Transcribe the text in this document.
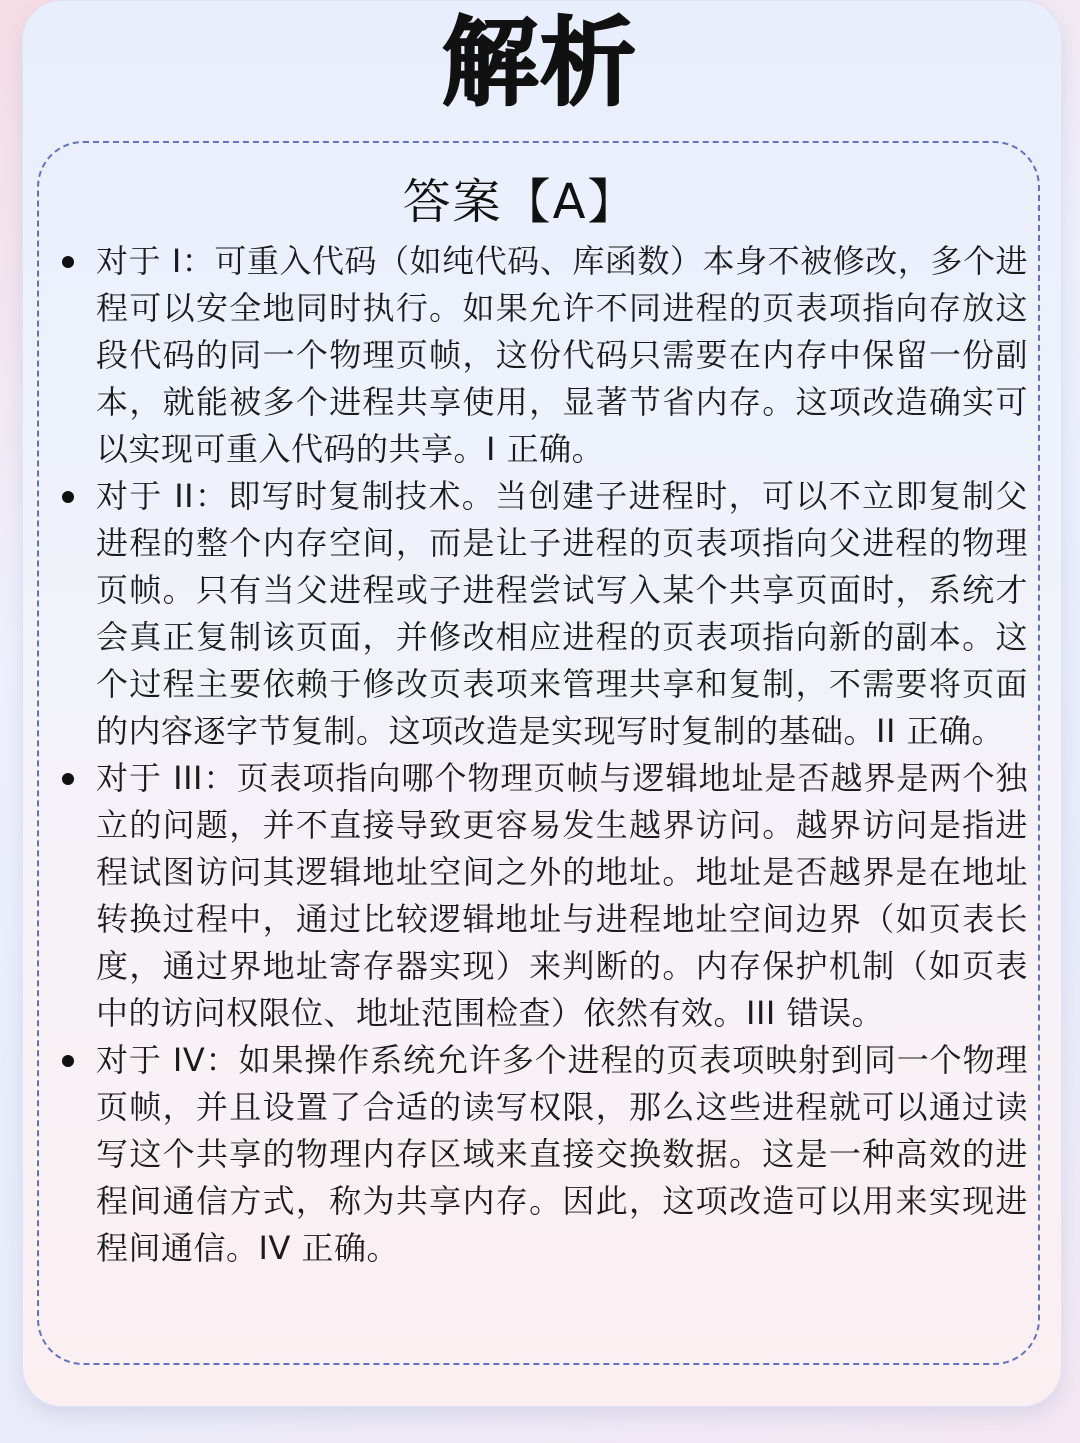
解析
答案【A】
对于 I：可重入代码（如纯代码、库函数）本身不被修改，多个进程可以安全地同时执行。如果允许不同进程的页表项指向存放这段代码的同一个物理页帧，这份代码只需要在内存中保留一份副本，就能被多个进程共享使用，显著节省内存。这项改造确实可以实现可重入代码的共享。I 正确。
对于 II：即写时复制技术。当创建子进程时，可以不立即复制父进程的整个内存空间，而是让子进程的页表项指向父进程的物理页帧。只有当父进程或子进程尝试写入某个共享页面时，系统才会真正复制该页面，并修改相应进程的页表项指向新的副本。这个过程主要依赖于修改页表项来管理共享和复制，不需要将页面的内容逐字节复制。这项改造是实现写时复制的基础。II 正确。
对于 III：页表项指向哪个物理页帧与逻辑地址是否越界是两个独立的问题，并不直接导致更容易发生越界访问。越界访问是指进程试图访问其逻辑地址空间之外的地址。地址是否越界是在地址转换过程中，通过比较逻辑地址与进程地址空间边界（如页表长度，通过界地址寄存器实现）来判断的。内存保护机制（如页表中的访问权限位、地址范围检查）依然有效。III 错误。
对于 IV：如果操作系统允许多个进程的页表项映射到同一个物理页帧，并且设置了合适的读写权限，那么这些进程就可以通过读写这个共享的物理内存区域来直接交换数据。这是一种高效的进程间通信方式，称为共享内存。因此，这项改造可以用来实现进程间通信。IV 正确。
